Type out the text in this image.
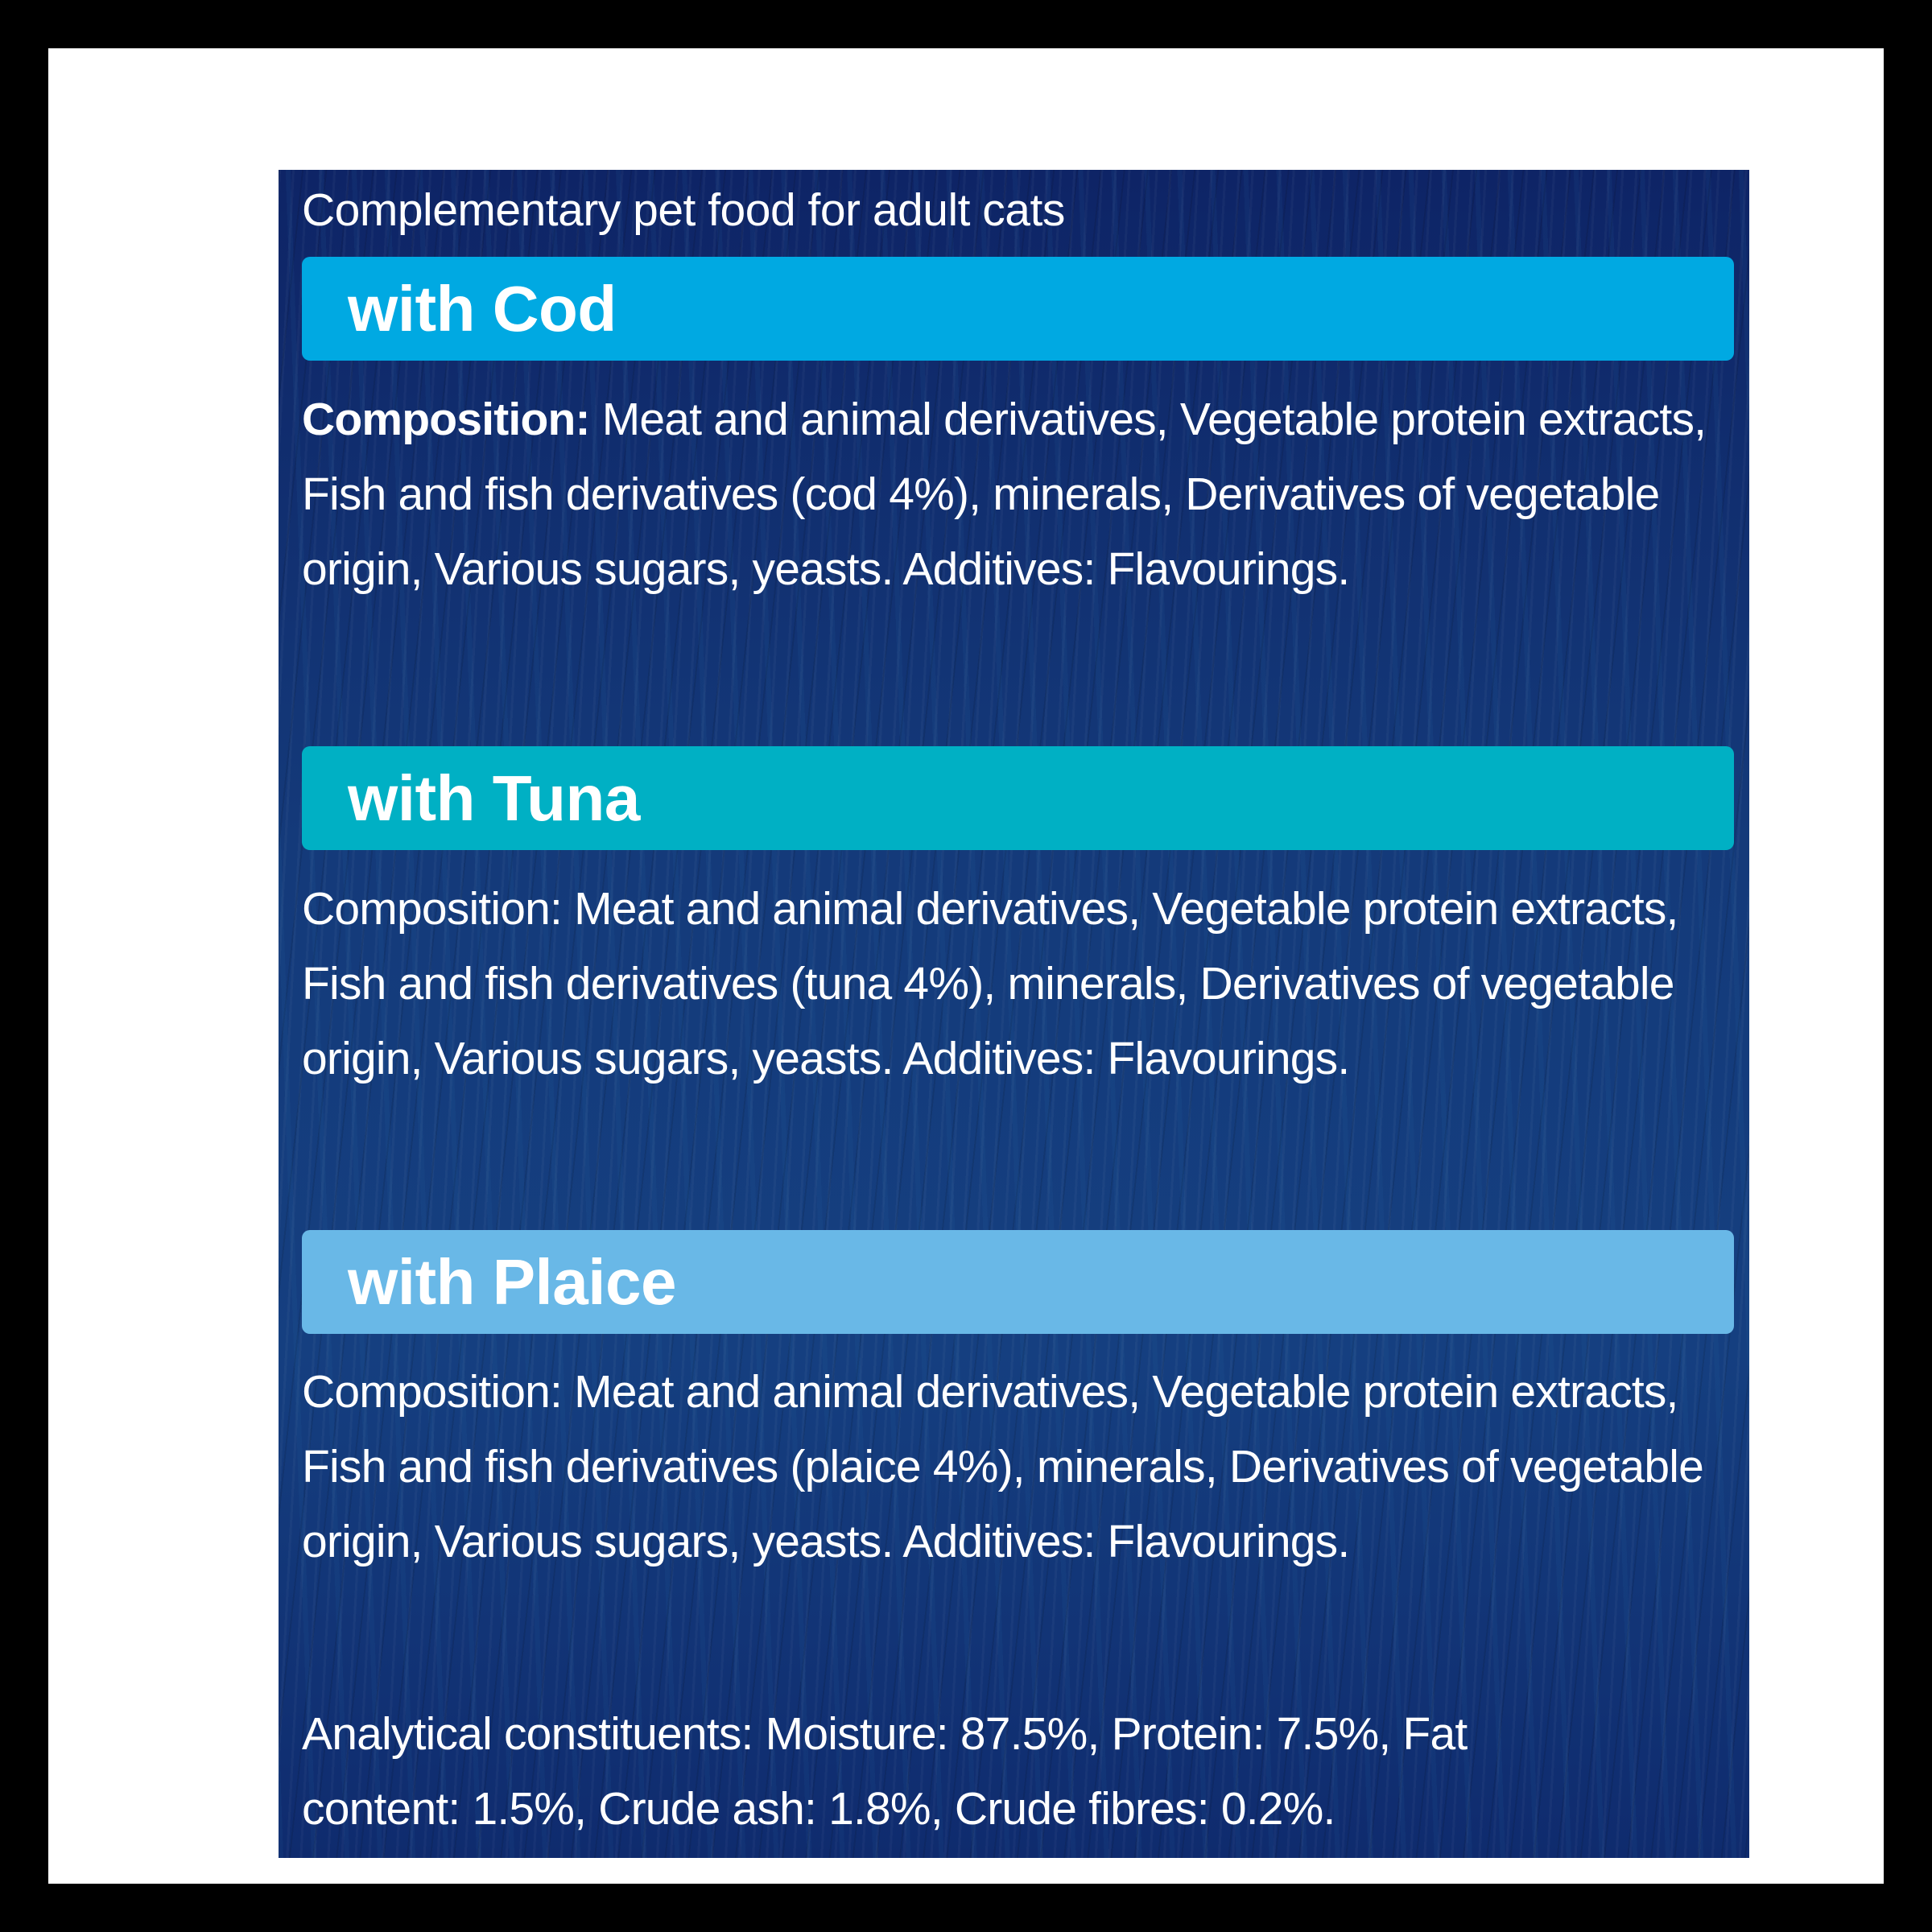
Complementary pet food for adult cats

with Cod

Composition: Meat and animal derivatives, Vegetable protein extracts, Fish and fish derivatives (cod 4%), minerals, Derivatives of vegetable origin, Various sugars, yeasts. Additives: Flavourings.

with Tuna

Composition: Meat and animal derivatives, Vegetable protein extracts, Fish and fish derivatives (tuna 4%), minerals, Derivatives of vegetable origin, Various sugars, yeasts. Additives: Flavourings.

with Plaice

Composition: Meat and animal derivatives, Vegetable protein extracts, Fish and fish derivatives (plaice 4%), minerals, Derivatives of vegetable origin, Various sugars, yeasts. Additives: Flavourings.

Analytical constituents: Moisture: 87.5%, Protein: 7.5%, Fat content: 1.5%, Crude ash: 1.8%, Crude fibres: 0.2%.
